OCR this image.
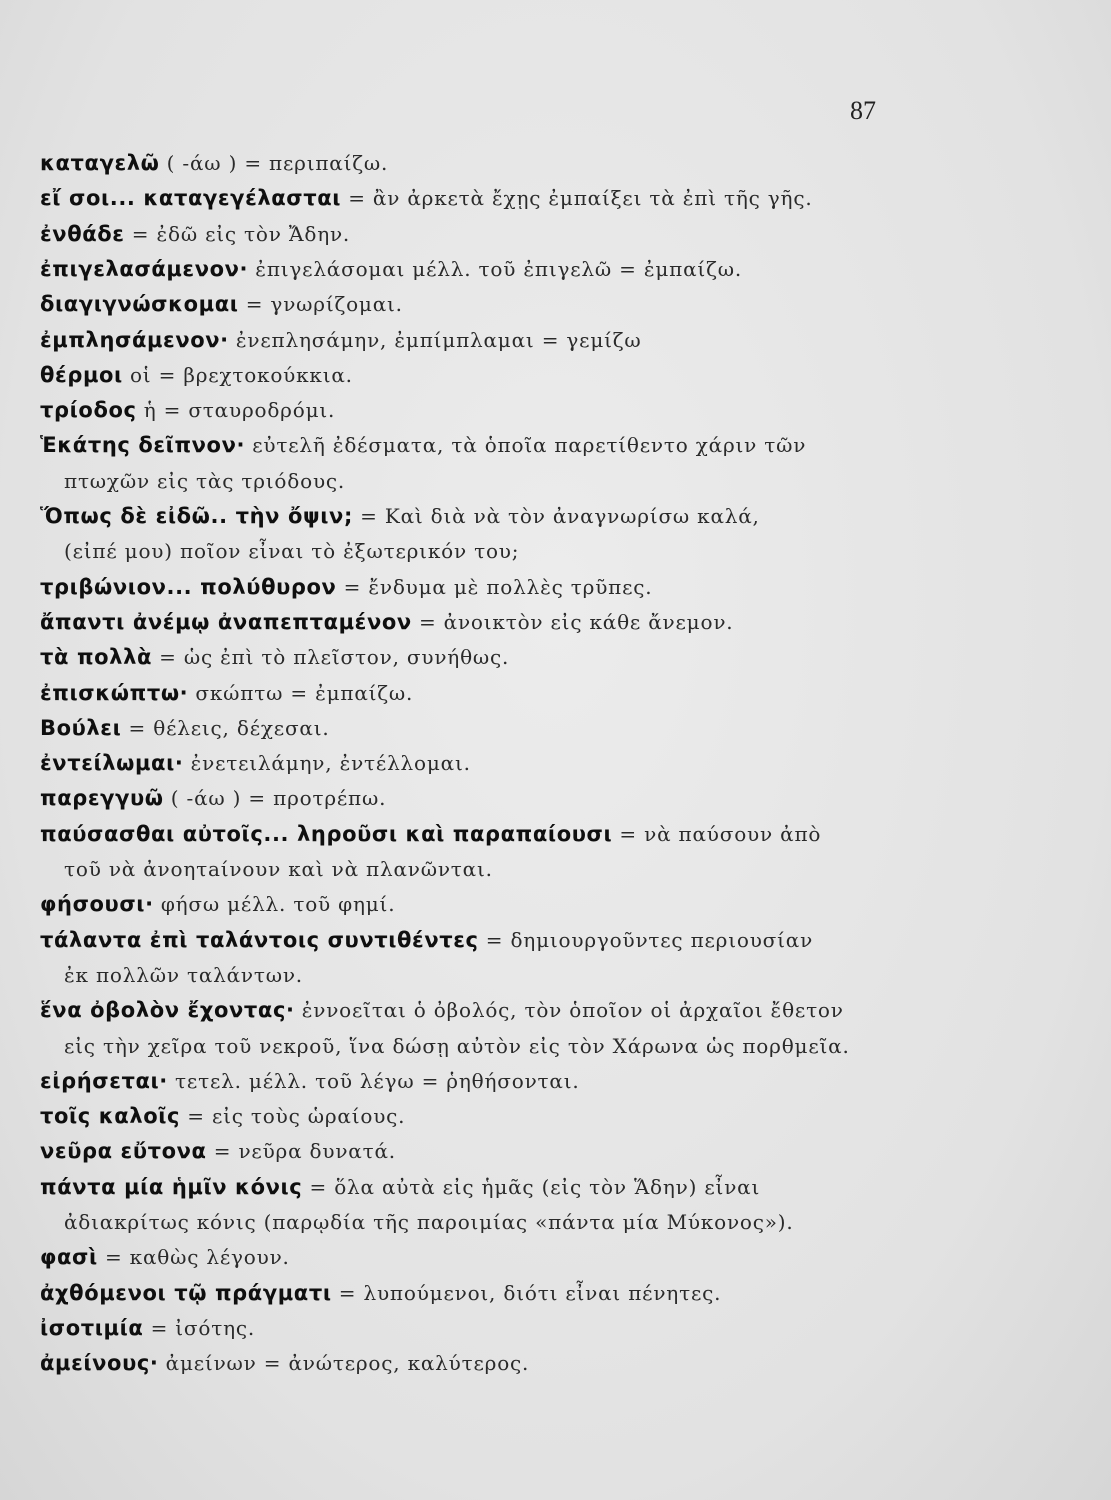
87
καταγελῶ ( -άω ) = περιπαίζω.
εἴ σοι... καταγεγέλασται = ἂν ἀρκετὰ ἔχῃς ἐμπαίξει τὰ ἐπὶ τῆς γῆς.
ἐνθάδε = ἐδῶ εἰς τὸν Ἄδην.
ἐπιγελασάμενον· ἐπιγελάσομαι μέλλ. τοῦ ἐπιγελῶ = ἐμπαίζω.
διαγιγνώσκομαι = γνωρίζομαι.
ἐμπλησάμενον· ἐνεπλησάμην, ἐμπίμπλαμαι = γεμίζω
θέρμοι οἱ = βρεχτοκούκκια.
τρίοδος ἡ = σταυροδρόμι.
Ἑκάτης δεῖπνον· εὐτελῆ ἐδέσματα, τὰ ὁποῖα παρετίθεντο χάριν τῶν
πτωχῶν εἰς τὰς τριόδους.
Ὅπως δὲ εἰδῶ.. τὴν ὄψιν; = Καὶ διὰ νὰ τὸν ἀναγνωρίσω καλά,
(εἰπέ μου) ποῖον εἶναι τὸ ἐξωτερικόν του;
τριβώνιον... πολύθυρον = ἔνδυμα μὲ πολλὲς τρῦπες.
ἄπαντι ἀνέμῳ ἀναπεπταμένον = ἀνοικτὸν εἰς κάθε ἄνεμον.
τὰ πολλὰ = ὡς ἐπὶ τὸ πλεῖστον, συνήθως.
ἐπισκώπτω· σκώπτω = ἐμπαίζω.
Βούλει = θέλεις, δέχεσαι.
ἐντείλωμαι· ἐνετειλάμην, ἐντέλλομαι.
παρεγγυῶ ( -άω ) = προτρέπω.
παύσασθαι αὐτοῖς... ληροῦσι καὶ παραπαίουσι = νὰ παύσουν ἀπὸ
τοῦ νὰ ἀνοητaίνουν καὶ νὰ πλανῶνται.
φήσουσι· φήσω μέλλ. τοῦ φημί.
τάλαντα ἐπὶ ταλάντοις συντιθέντες = δημιουργοῦντες περιουσίαν
ἐκ πολλῶν ταλάντων.
ἕνα ὀβολὸν ἔχοντας· ἐννοεῖται ὁ ὀβολός, τὸν ὁποῖον οἱ ἀρχαῖοι ἔθετον
εἰς τὴν χεῖρα τοῦ νεκροῦ, ἵνα δώσῃ αὐτὸν εἰς τὸν Χάρωνα ὡς πορθμεῖα.
εἰρήσεται· τετελ. μέλλ. τοῦ λέγω = ῥηθήσονται.
τοῖς καλοῖς = εἰς τοὺς ὡραίους.
νεῦρα εὔτονα = νεῦρα δυνατά.
πάντα μία ἡμῖν κόνις = ὅλα αὐτὰ εἰς ἡμᾶς (εἰς τὸν Ἅδην) εἶναι
ἀδιακρίτως κόνις (παρῳδία τῆς παροιμίας «πάντα μία Μύκονος»).
φασὶ = καθὼς λέγουν.
ἀχθόμενοι τῷ πράγματι = λυπούμενοι, διότι εἶναι πένητες.
ἰσοτιμία = ἰσότης.
ἀμείνους· ἀμείνων = ἀνώτερος, καλύτερος.
